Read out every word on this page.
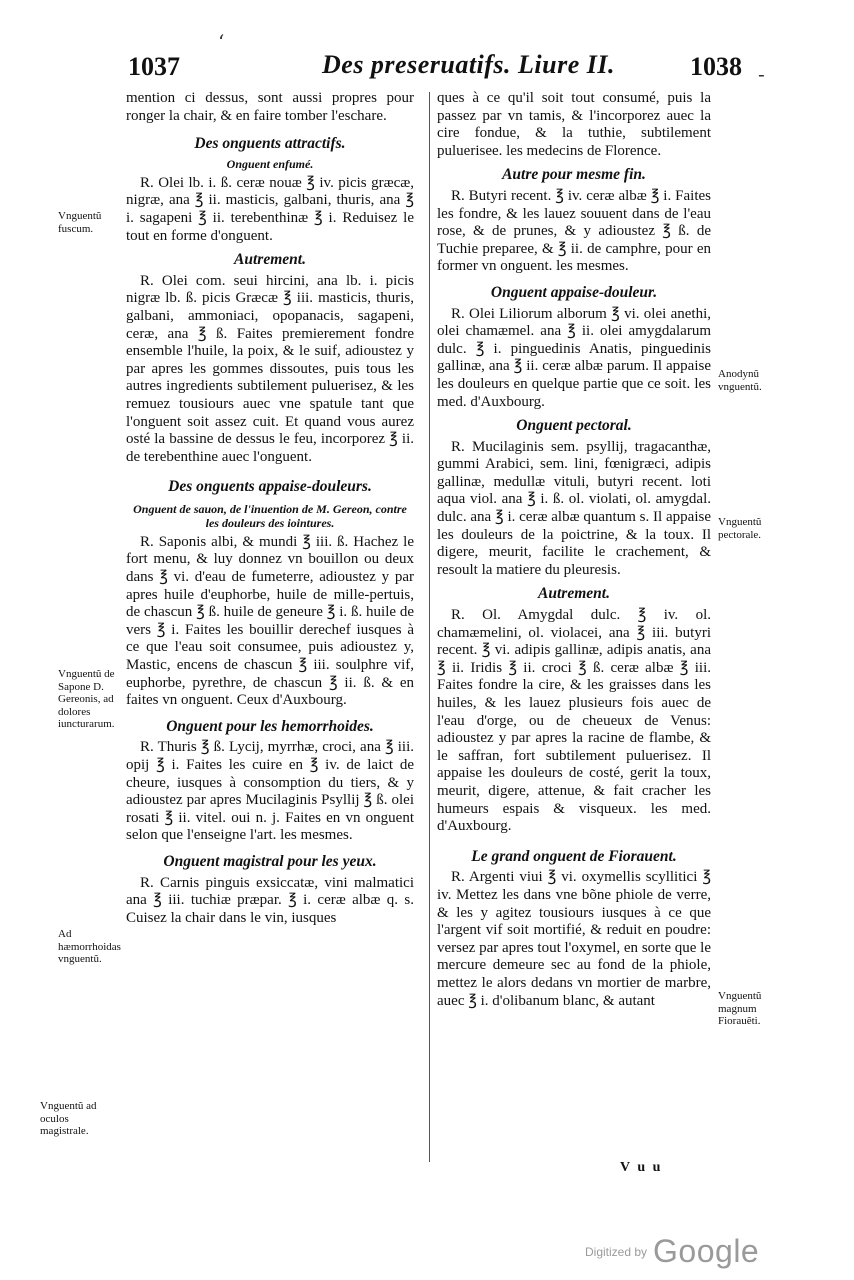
1037	Des preseruatifs. Liure II.	1038

mention ci dessus, sont aussi propres pour ronger la chair, & en faire tomber l'eschare.

Des onguents attractifs.
Onguent enfumé.

R. Olei lb. i. ß. ceræ nouæ ℥ iv. picis græcæ, nigræ, ana ℥ ii. masticis, galbani, thuris, ana ℥ i. sagapeni ℥ ii. terebenthinæ ℥ i. Reduisez le tout en forme d'onguent.

Autrement.

R. Olei com. seui hircini, ana lb. i. picis nigræ lb. ß. picis Græcæ ℥ iii. masticis, thuris, galbani, ammoniaci, opopanacis, sagapeni, ceræ, ana ℥ ß. Faites premierement fondre ensemble l'huile, la poix, & le suif, adioustez y par apres les gommes dissoutes, puis tous les autres ingredients subtilement puluerisez, & les remuez tousiours auec vne spatule tant que l'onguent soit assez cuit. Et quand vous aurez osté la bassine de dessus le feu, incorporez ℥ ii. de terebenthine auec l'onguent.

Des onguents appaise-douleurs.
Onguent de sauon, de l'inuention de M. Gereon, contre les douleurs des iointures.

R. Saponis albi, & mundi ℥ iii. ß. Hachez le fort menu, & luy donnez vn bouillon ou deux dans ℥ vi. d'eau de fumeterre, adioustez y par apres huile d'euphorbe, huile de mille-pertuis, de chascun ℥ ß. huile de geneure ℥ i. ß. huile de vers ℥ i. Faites les bouillir derechef iusques à ce que l'eau soit consumee, puis adioustez y, Mastic, encens de chascun ℥ iii. soulphre vif, euphorbe, pyrethre, de chascun ℥ ii. ß. & en faites vn onguent. Ceux d'Auxbourg.

Onguent pour les hemorrhoides.

R. Thuris ℥ ß. Lycij, myrrhæ, croci, ana ℥ iii. opij ℥ i. Faites les cuire en ℥ iv. de laict de cheure, iusques à consomption du tiers, & y adioustez par apres Mucilaginis Psyllij ℥ ß. olei rosati ℥ ii. vitel. oui n. j. Faites en vn onguent selon que l'enseigne l'art. les mesmes.

Onguent magistral pour les yeux.

R. Carnis pinguis exsiccatæ, vini malmatici ana ℥ iii. tuchiæ præpar. ℥ i. ceræ albæ q. s. Cuisez la chair dans le vin, iusques

ques à ce qu'il soit tout consumé, puis la passez par vn tamis, & l'incorporez auec la cire fondue, & la tuthie, subtilement puluerisee. les medecins de Florence.

Autre pour mesme fin.

R. Butyri recent. ℥ iv. ceræ albæ ℥ i. Faites les fondre, & les lauez souuent dans de l'eau rose, & de prunes, & y adioustez ℥ ß. de Tuchie preparee, & ℥ ii. de camphre, pour en former vn onguent. les mesmes.

Onguent appaise-douleur.

R. Olei Liliorum alborum ℥ vi. olei anethi, olei chamæmel. ana ℥ ii. olei amygdalarum dulc. ℥ i. pinguedinis Anatis, pinguedinis gallinæ, ana ℥ ii. ceræ albæ parum. Il appaise les douleurs en quelque partie que ce soit. les med. d'Auxbourg.

Onguent pectoral.

R. Mucilaginis sem. psyllij, tragacanthæ, gummi Arabici, sem. lini, fœnigræci, adipis gallinæ, medullæ vituli, butyri recent. loti aqua viol. ana ℥ i. ß. ol. violati, ol. amygdal. dulc. ana ℥ i. ceræ albæ quantum s. Il appaise les douleurs de la poictrine, & la toux. Il digere, meurit, facilite le crachement, & resoult la matiere du pleuresis.

Autrement.

R. Ol. Amygdal dulc. ℥ iv. ol. chamæmelini, ol. violacei, ana ℥ iii. butyri recent. ℥ vi. adipis gallinæ, adipis anatis, ana ℥ ii. Iridis ℥ ii. croci ℥ ß. ceræ albæ ℥ iii. Faites fondre la cire, & les graisses dans les huiles, & les lauez plusieurs fois auec de l'eau d'orge, ou de cheueux de Venus: adioustez y par apres la racine de flambe, & le saffran, fort subtilement puluerisez. Il appaise les douleurs de costé, gerit la toux, meurit, digere, attenue, & fait cracher les humeurs espais & visqueux. les med. d'Auxbourg.

Le grand onguent de Fiorauent.

R. Argenti viui ℥ vi. oxymellis scyllitici ℥ iv. Mettez les dans vne bõne phiole de verre, & les y agitez tousiours iusques à ce que l'argent vif soit mortifié, & reduit en poudre: versez par apres tout l'oxymel, en sorte que le mercure demeure sec au fond de la phiole, mettez le alors dedans vn mortier de marbre, auec ℥ i. d'olibanum blanc, & autant

Vnguentũ fuscum.
Vnguentũ de Sapone D. Gereonis, ad dolores iuncturarum.
Ad hæmorrhoidas vnguentũ.
Vnguentũ ad oculos magistrale.
Anodynũ vnguentũ.
Vnguentũ pectorale.
Vnguentũ magnum Fiorauẽti.
V u u
ʻ
-
$^{Digitized by}$ Google
